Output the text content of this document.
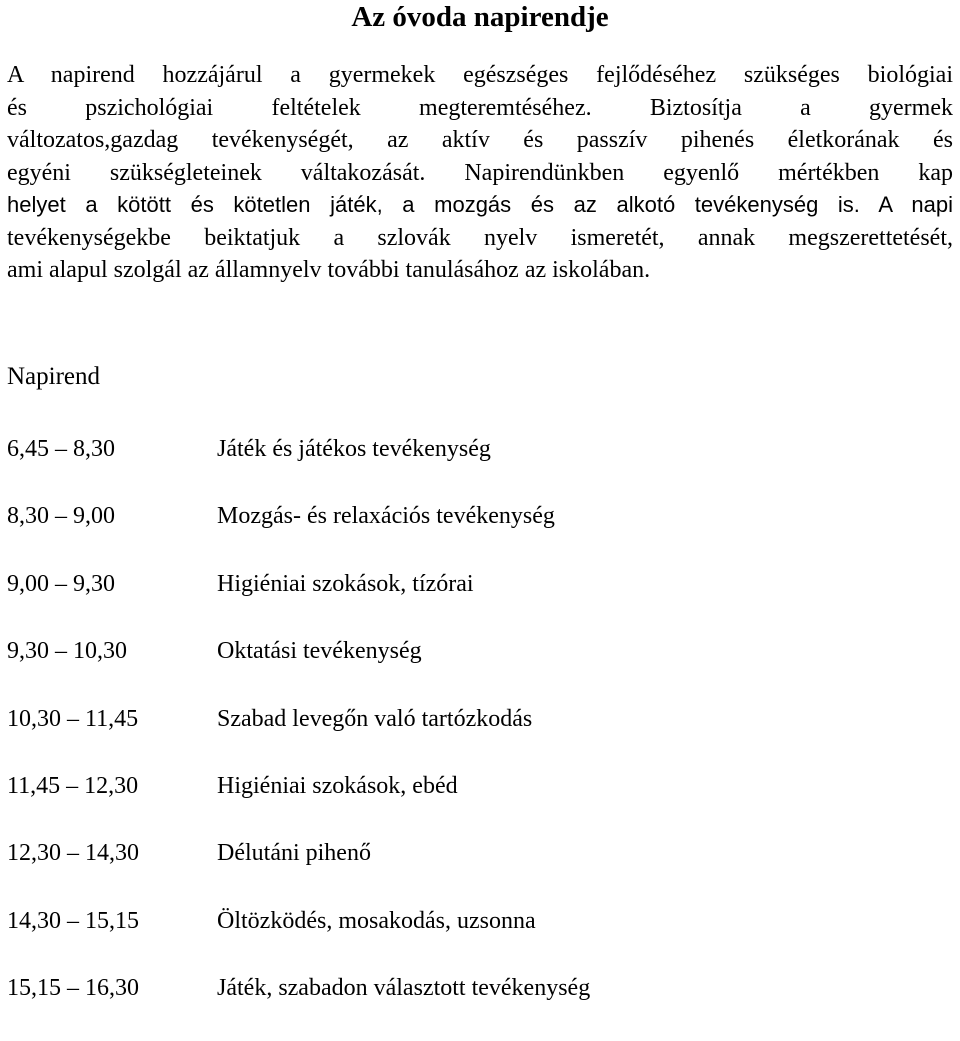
Az óvoda napirendje
A napirend hozzájárul a gyermekek egészséges fejlődéséhez szükséges biológiai
és pszichológiai feltételek megteremtéséhez. Biztosítja a gyermek
változatos,gazdag tevékenységét, az aktív és passzív pihenés életkorának és
egyéni szükségleteinek váltakozását. Napirendünkben egyenlő mértékben kap
helyet a kötött és kötetlen játék, a mozgás és az alkotó tevékenység is. A napi
tevékenységekbe beiktatjuk a szlovák nyelv ismeretét, annak megszerettetését,
ami alapul szolgál az államnyelv további tanulásához az iskolában.
Napirend
6,45 – 8,30	Játék és játékos tevékenység
8,30 – 9,00	Mozgás- és relaxációs tevékenység
9,00 – 9,30	Higiéniai szokások, tízórai
9,30 – 10,30	Oktatási tevékenység
10,30 – 11,45	Szabad levegőn való tartózkodás
11,45 – 12,30	Higiéniai szokások, ebéd
12,30 – 14,30	Délutáni pihenő
14,30 – 15,15	Öltözködés, mosakodás, uzsonna
15,15 – 16,30	Játék, szabadon választott tevékenység
